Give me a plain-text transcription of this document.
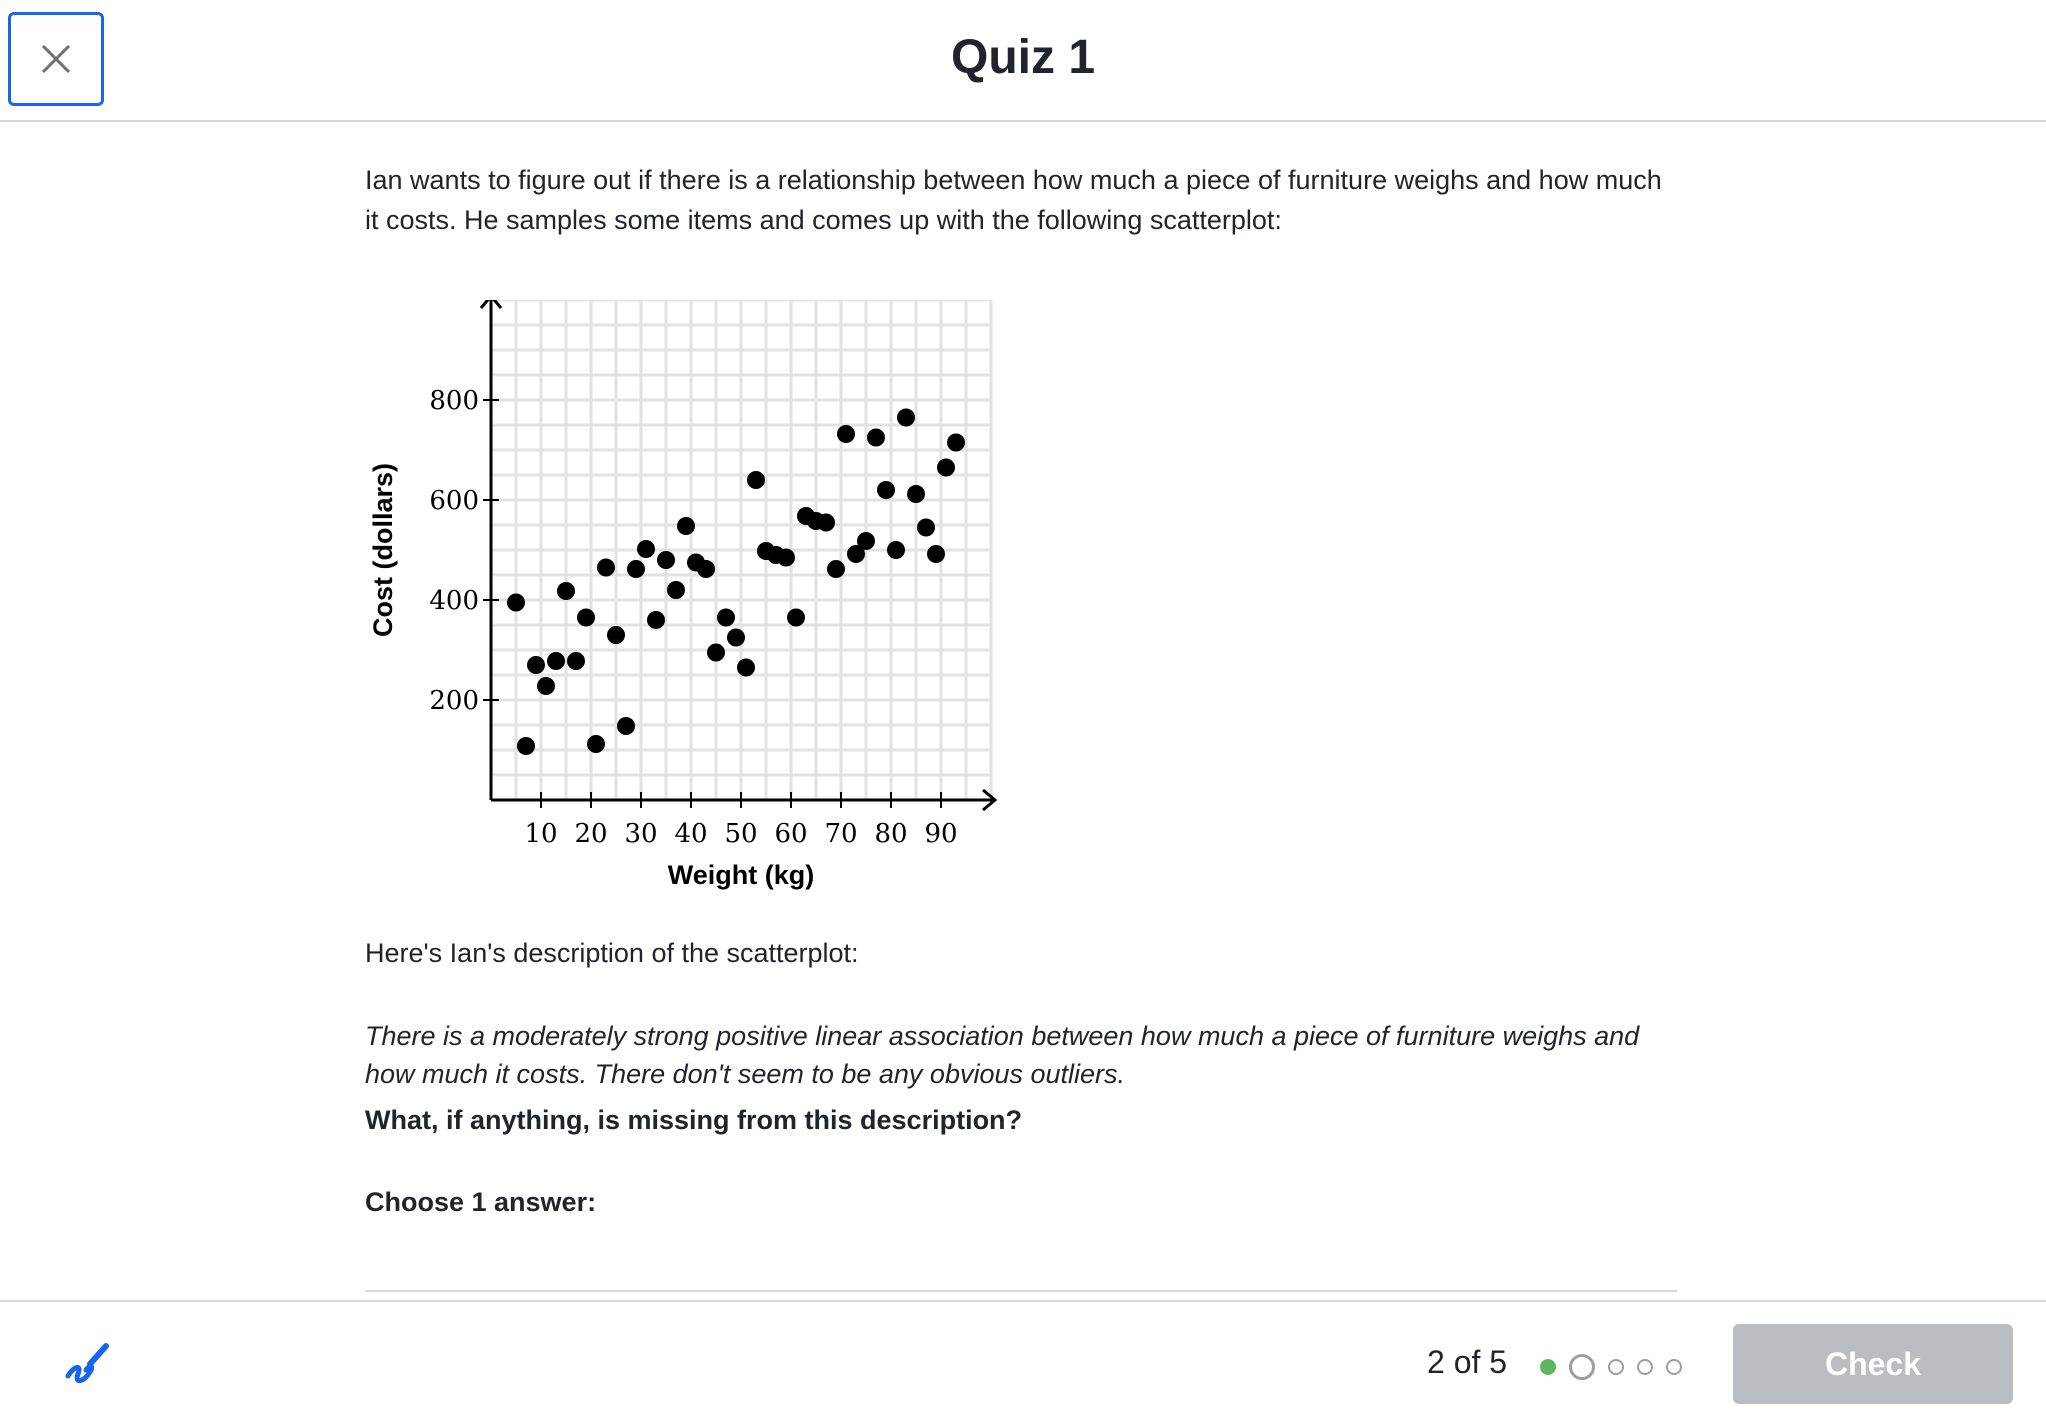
Quiz 1

Ian wants to figure out if there is a relationship between how much a piece of furniture weighs and how much it costs. He samples some items and comes up with the following scatterplot:

10 20 30 40 50 60 70 80 90
200
400
600
800
Weight (kg)
Cost (dollars)

Here's Ian's description of the scatterplot:

There is a moderately strong positive linear association between how much a piece of furniture weighs and how much it costs. There don't seem to be any obvious outliers.

What, if anything, is missing from this description?

Choose 1 answer:

2 of 5	Check
